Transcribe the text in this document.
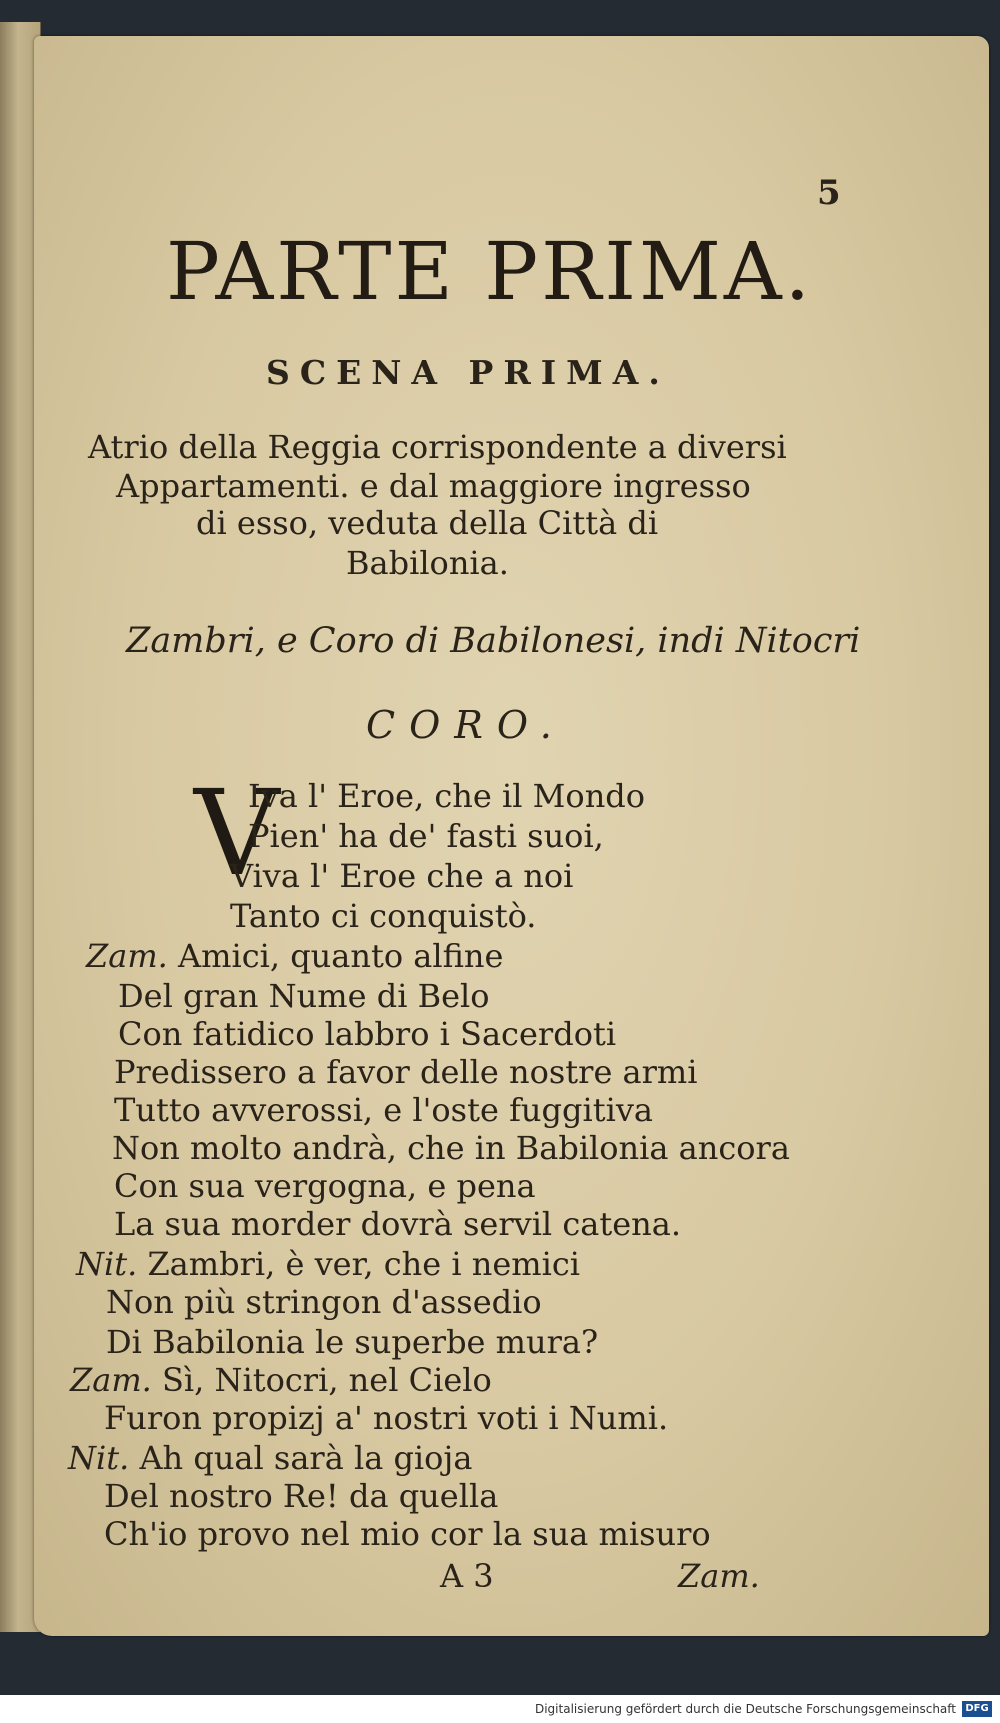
5
PARTE PRIMA.
SCENA PRIMA.
Atrio della Reggia corrispondente a diversi
Appartamenti. e dal maggiore ingresso
di esso, veduta della Città di
Babilonia.
Zambri, e Coro di Babilonesi, indi Nitocri
CORO.
V
Iva l' Eroe, che il Mondo
Pien' ha de' fasti suoi,
Viva l' Eroe che a noi
Tanto ci conquistò.
Zam. Amici, quanto alfine
Del gran Nume di Belo
Con fatidico labbro i Sacerdoti
Predissero a favor delle nostre armi
Tutto avverossi, e l'oste fuggitiva
Non molto andrà, che in Babilonia ancora
Con sua vergogna, e pena
La sua morder dovrà servil catena.
Nit. Zambri, è ver, che i nemici
Non più stringon d'assedio
Di Babilonia le superbe mura?
Zam. Sì, Nitocri, nel Cielo
Furon propizj a' nostri voti i Numi.
Nit. Ah qual sarà la gioja
Del nostro Re! da quella
Ch'io provo nel mio cor la sua misuro
A 3	Zam.
Digitalisierung gefördert durch die Deutsche Forschungsgemeinschaft DFG
